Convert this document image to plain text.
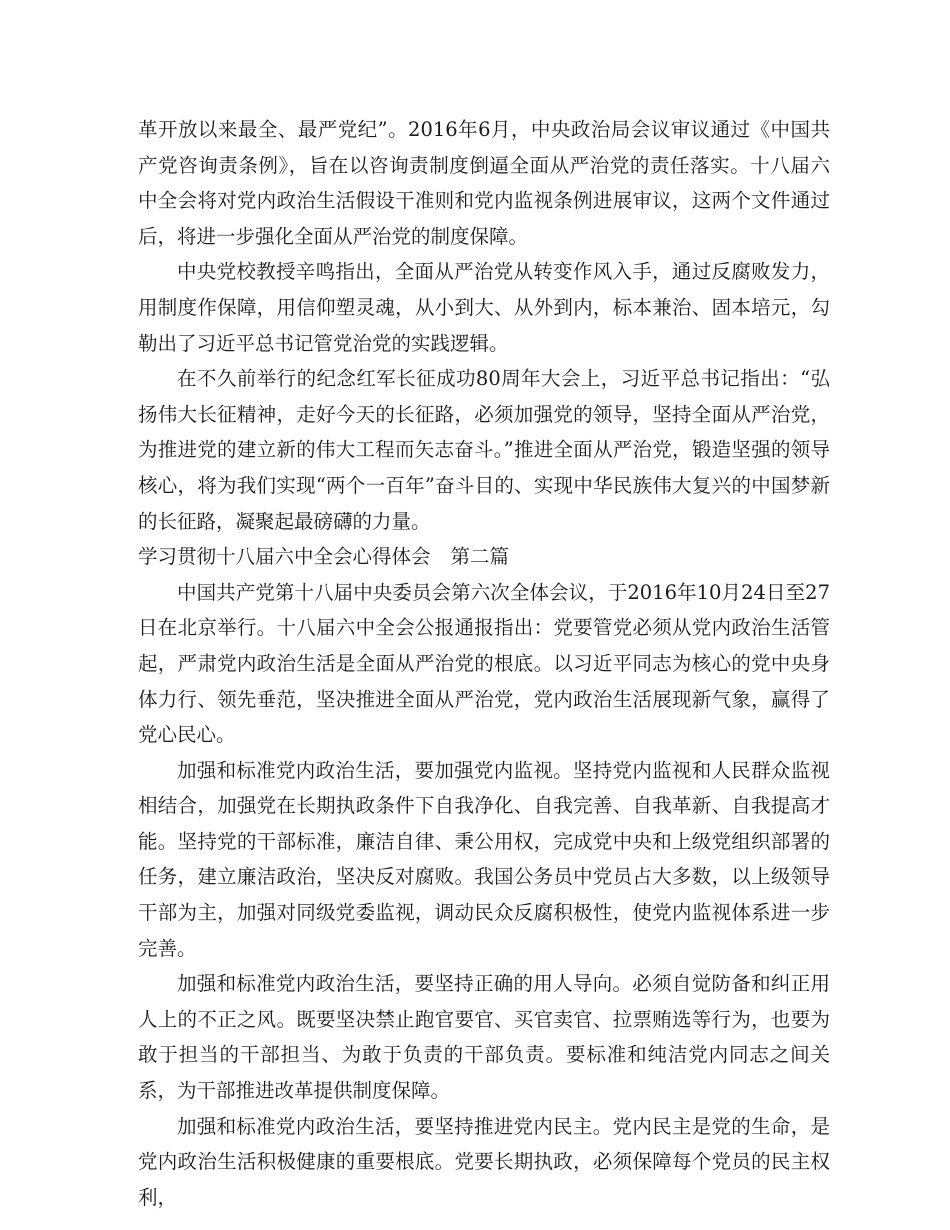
革开放以来最全、最严党纪”。2016年6月，中央政治局会议审议通过《中国共产党咨询责条例》，旨在以咨询责制度倒逼全面从严治党的责任落实。十八届六中全会将对党内政治生活假设干准则和党内监视条例进展审议，这两个文件通过后，将进一步强化全面从严治党的制度保障。

中央党校教授辛鸣指出，全面从严治党从转变作风入手，通过反腐败发力，用制度作保障，用信仰塑灵魂，从小到大、从外到内，标本兼治、固本培元，勾勒出了习近平总书记管党治党的实践逻辑。

在不久前举行的纪念红军长征成功80周年大会上，习近平总书记指出：“弘扬伟大长征精神，走好今天的长征路，必须加强党的领导，坚持全面从严治党，为推进党的建立新的伟大工程而矢志奋斗。”推进全面从严治党，锻造坚强的领导核心，将为我们实现“两个一百年”奋斗目的、实现中华民族伟大复兴的中国梦新的长征路，凝聚起最磅礴的力量。

学习贯彻十八届六中全会心得体会 第二篇

中国共产党第十八届中央委员会第六次全体会议，于2016年10月24日至27日在北京举行。十八届六中全会公报通报指出：党要管党必须从党内政治生活管起，严肃党内政治生活是全面从严治党的根底。以习近平同志为核心的党中央身体力行、领先垂范，坚决推进全面从严治党，党内政治生活展现新气象，赢得了党心民心。

加强和标准党内政治生活，要加强党内监视。坚持党内监视和人民群众监视相结合，加强党在长期执政条件下自我净化、自我完善、自我革新、自我提高才能。坚持党的干部标准，廉洁自律、秉公用权，完成党中央和上级党组织部署的任务，建立廉洁政治，坚决反对腐败。我国公务员中党员占大多数，以上级领导干部为主，加强对同级党委监视，调动民众反腐积极性，使党内监视体系进一步完善。

加强和标准党内政治生活，要坚持正确的用人导向。必须自觉防备和纠正用人上的不正之风。既要坚决禁止跑官要官、买官卖官、拉票贿选等行为，也要为敢于担当的干部担当、为敢于负责的干部负责。要标准和纯洁党内同志之间关系，为干部推进改革提供制度保障。

加强和标准党内政治生活，要坚持推进党内民主。党内民主是党的生命，是党内政治生活积极健康的重要根底。党要长期执政，必须保障每个党员的民主权利，
